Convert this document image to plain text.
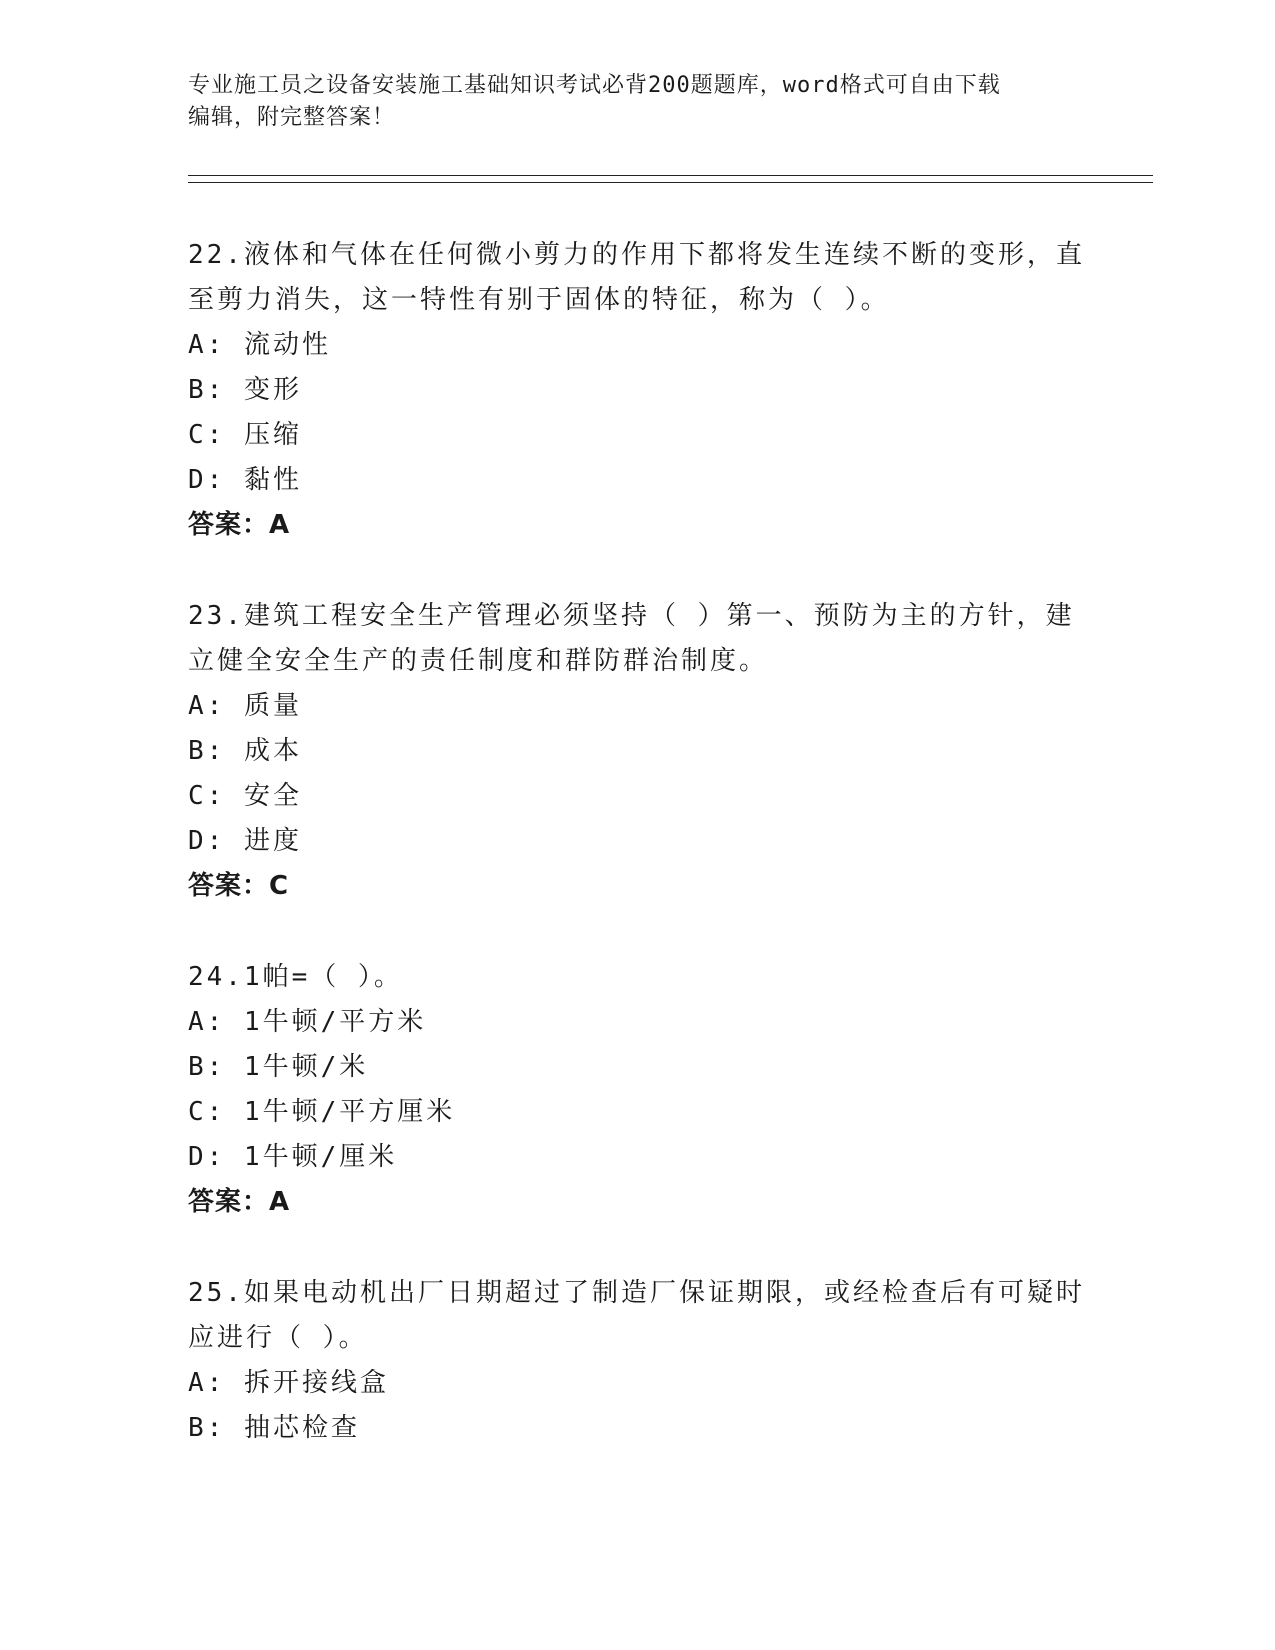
专业施工员之设备安装施工基础知识考试必背200题题库，word格式可自由下载
编辑，附完整答案！
22.液体和气体在任何微小剪力的作用下都将发生连续不断的变形，直至剪力消失，这一特性有别于固体的特征，称为（ ）。
A: 流动性
B: 变形
C: 压缩
D: 黏性
答案：A
23.建筑工程安全生产管理必须坚持（ ）第一、预防为主的方针，建立健全安全生产的责任制度和群防群治制度。
A: 质量
B: 成本
C: 安全
D: 进度
答案：C
24.1帕=（ ）。
A: 1牛顿/平方米
B: 1牛顿/米
C: 1牛顿/平方厘米
D: 1牛顿/厘米
答案：A
25.如果电动机出厂日期超过了制造厂保证期限，或经检查后有可疑时应进行（ ）。
A: 拆开接线盒
B: 抽芯检查
